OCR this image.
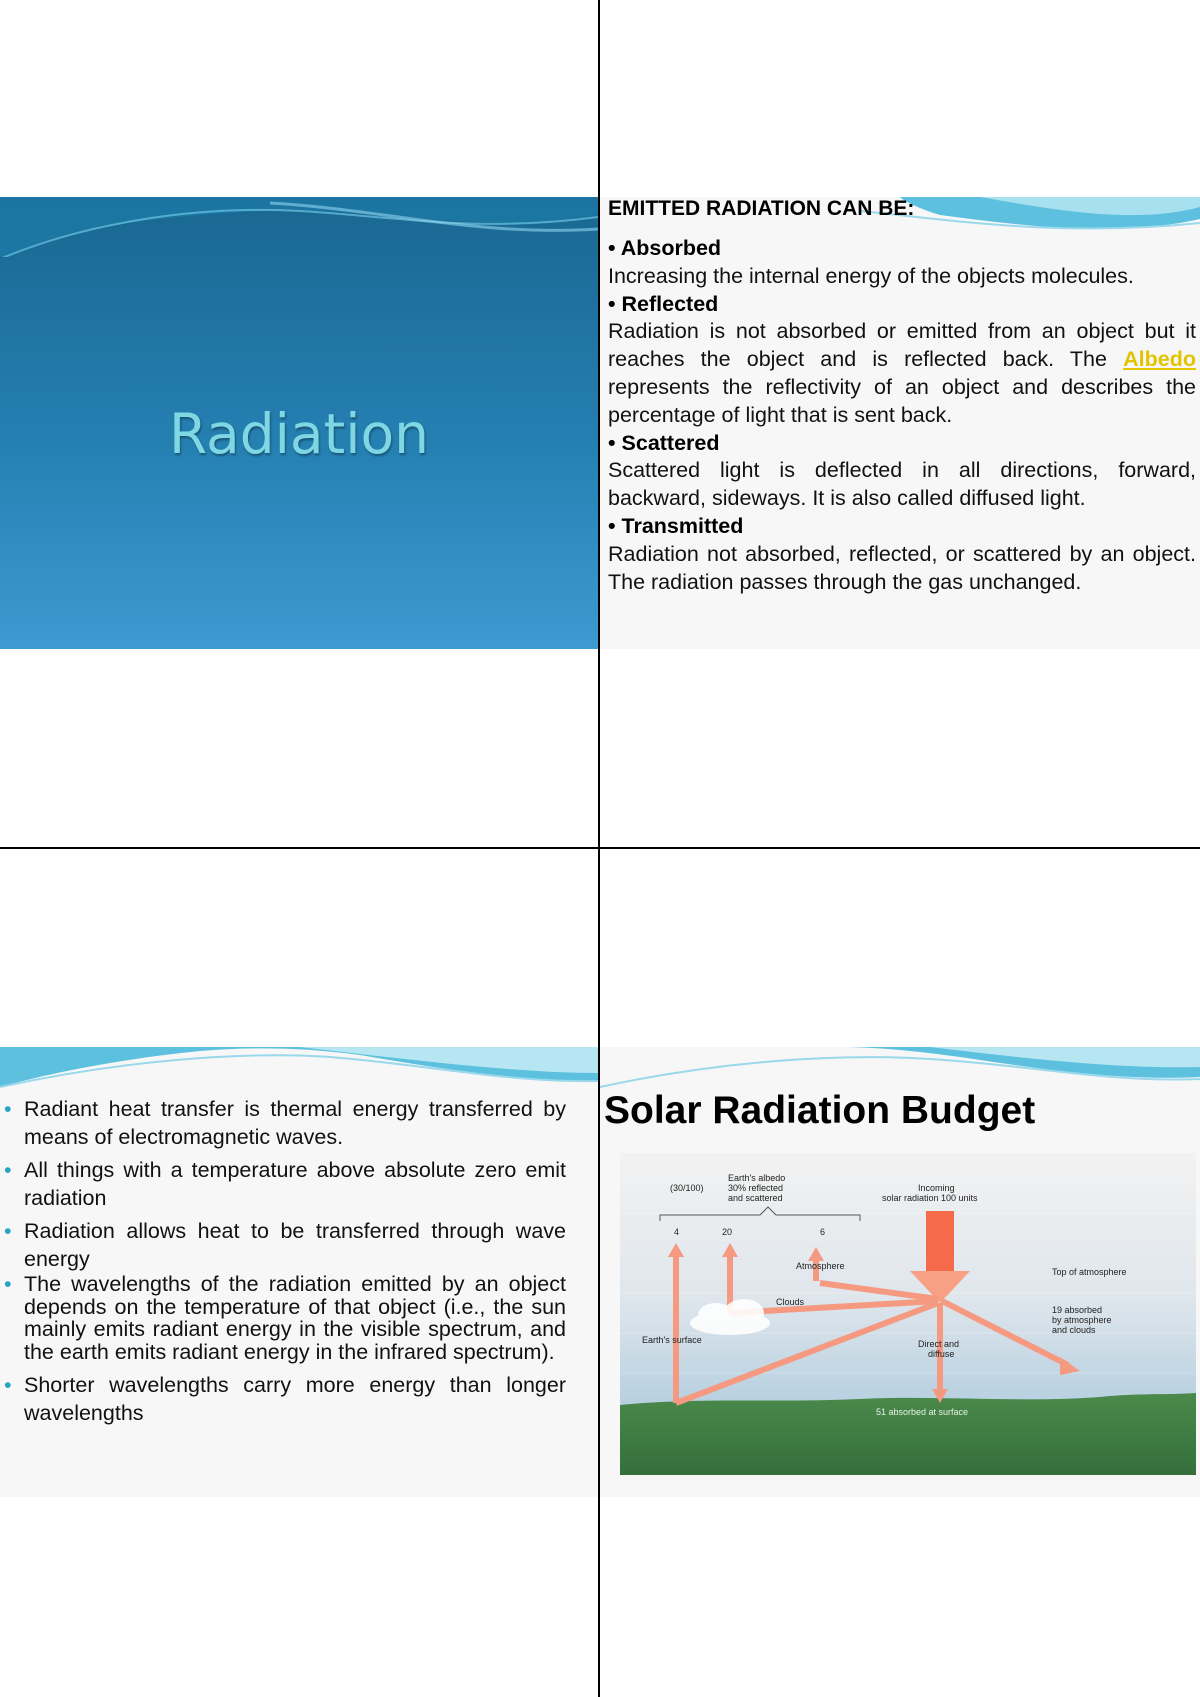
Radiation
EMITTED RADIATION CAN BE:
• Absorbed
Increasing the internal energy of the objects molecules.
• Reflected
Radiation is not absorbed or emitted from an object but it reaches the object and is reflected back. The Albedo represents the reflectivity of an object and describes the percentage of light that is sent back.
• Scattered
Scattered light is deflected in all directions, forward, backward, sideways. It is also called diffused light.
• Transmitted
Radiation not absorbed, reflected, or scattered by an object. The radiation passes through the gas unchanged.
• Radiant heat transfer is thermal energy transferred by means of electromagnetic waves.
• All things with a temperature above absolute zero emit radiation
• Radiation allows heat to be transferred through wave energy
• The wavelengths of the radiation emitted by an object depends on the temperature of that object (i.e., the sun mainly emits radiant energy in the visible spectrum, and the earth emits radiant energy in the infrared spectrum).
• Shorter wavelengths carry more energy than longer wavelengths
Solar Radiation Budget
(30/100)
Earth's albedo
30% reflected
and scattered
Incoming
solar radiation 100 units
4	20	6
Atmosphere
Top of atmosphere
Clouds
19 absorbed
by atmosphere
and clouds
Earth's surface	Direct and
diffuse
51 absorbed at surface
